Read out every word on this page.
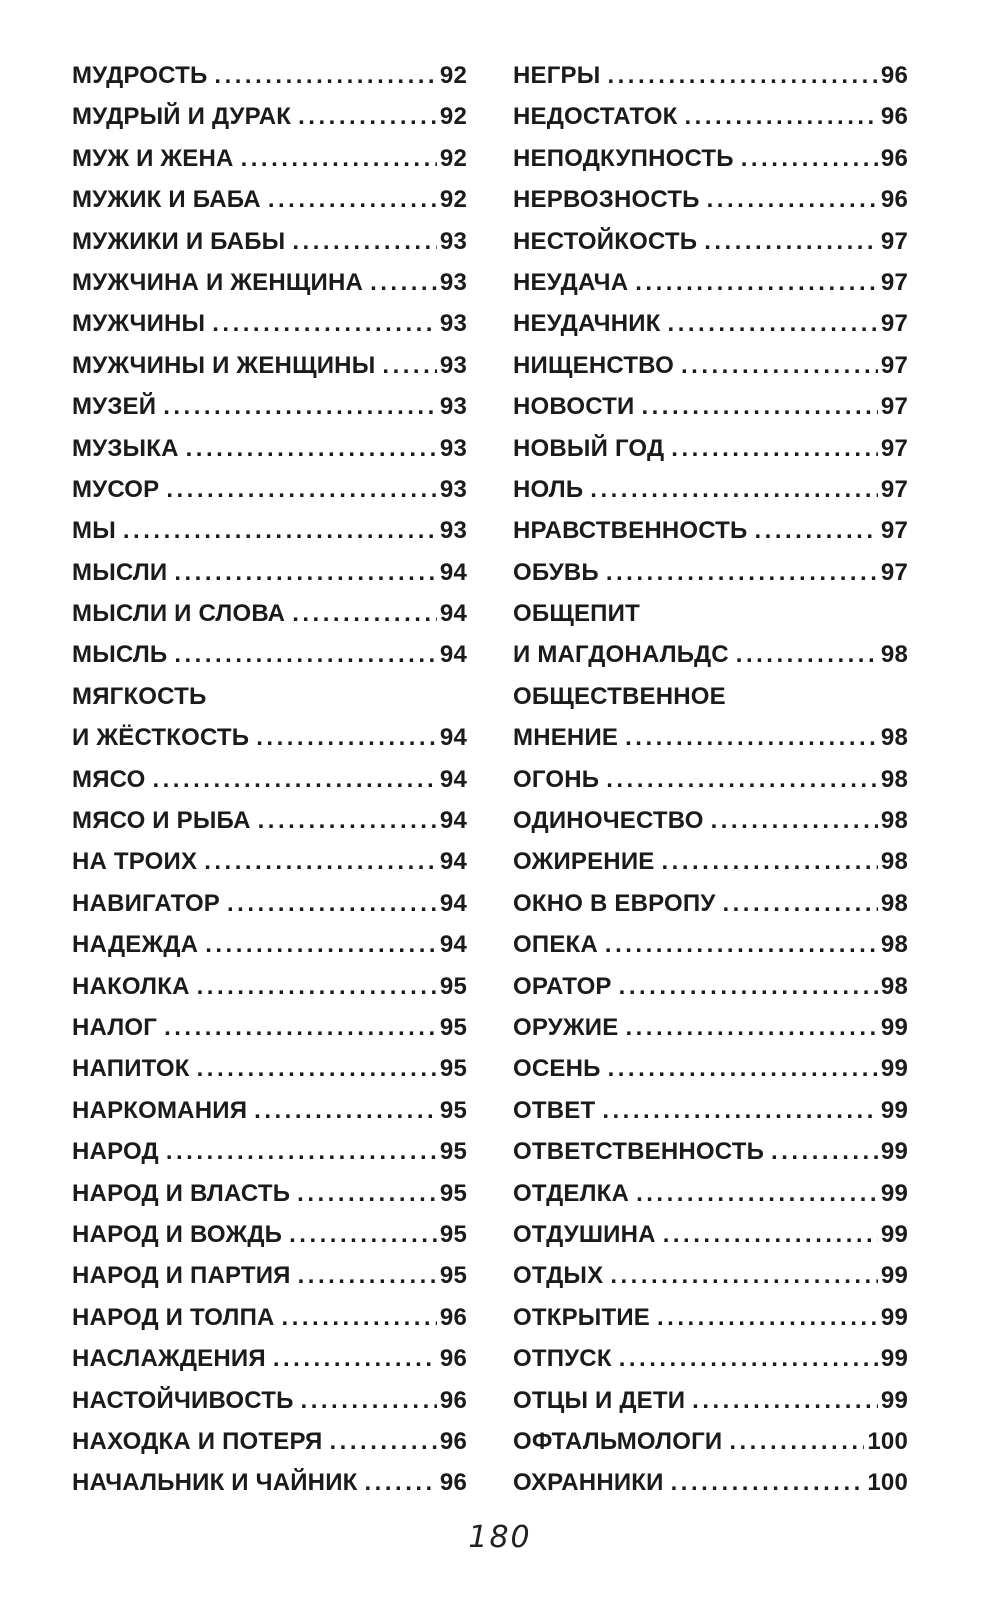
МУДРОСТЬ .....	92
МУДРЫЙ И ДУРАК .....	92
МУЖ И ЖЕНА .....	92
МУЖИК И БАБА .....	92
МУЖИКИ И БАБЫ .....	93
МУЖЧИНА И ЖЕНЩИНА .....	93
МУЖЧИНЫ .....	93
МУЖЧИНЫ И ЖЕНЩИНЫ .....	93
МУЗЕЙ .....	93
МУЗЫКА .....	93
МУСОР .....	93
МЫ .....	93
МЫСЛИ .....	94
МЫСЛИ И СЛОВА .....	94
МЫСЛЬ .....	94
МЯГКОСТЬ
И ЖЁСТКОСТЬ .....	94
МЯСО .....	94
МЯСО И РЫБА .....	94
НА ТРОИХ .....	94
НАВИГАТОР .....	94
НАДЕЖДА .....	94
НАКОЛКА .....	95
НАЛОГ .....	95
НАПИТОК .....	95
НАРКОМАНИЯ .....	95
НАРОД .....	95
НАРОД И ВЛАСТЬ .....	95
НАРОД И ВОЖДЬ .....	95
НАРОД И ПАРТИЯ .....	95
НАРОД И ТОЛПА .....	96
НАСЛАЖДЕНИЯ .....	96
НАСТОЙЧИВОСТЬ .....	96
НАХОДКА И ПОТЕРЯ .....	96
НАЧАЛЬНИК И ЧАЙНИК .....	96
НЕГРЫ .....	96
НЕДОСТАТОК .....	96
НЕПОДКУПНОСТЬ .....	96
НЕРВОЗНОСТЬ .....	96
НЕСТОЙКОСТЬ .....	97
НЕУДАЧА .....	97
НЕУДАЧНИК .....	97
НИЩЕНСТВО .....	97
НОВОСТИ .....	97
НОВЫЙ ГОД .....	97
НОЛЬ .....	97
НРАВСТВЕННОСТЬ .....	97
ОБУВЬ .....	97
ОБЩЕПИТ
И МАГДОНАЛЬДС .....	98
ОБЩЕСТВЕННОЕ
МНЕНИЕ .....	98
ОГОНЬ .....	98
ОДИНОЧЕСТВО .....	98
ОЖИРЕНИЕ .....	98
ОКНО В ЕВРОПУ .....	98
ОПЕКА .....	98
ОРАТОР .....	98
ОРУЖИЕ .....	99
ОСЕНЬ .....	99
ОТВЕТ .....	99
ОТВЕТСТВЕННОСТЬ .....	99
ОТДЕЛКА .....	99
ОТДУШИНА .....	99
ОТДЫХ .....	99
ОТКРЫТИЕ .....	99
ОТПУСК .....	99
ОТЦЫ И ДЕТИ .....	99
ОФТАЛЬМОЛОГИ .....	100
ОХРАННИКИ .....	100
180
